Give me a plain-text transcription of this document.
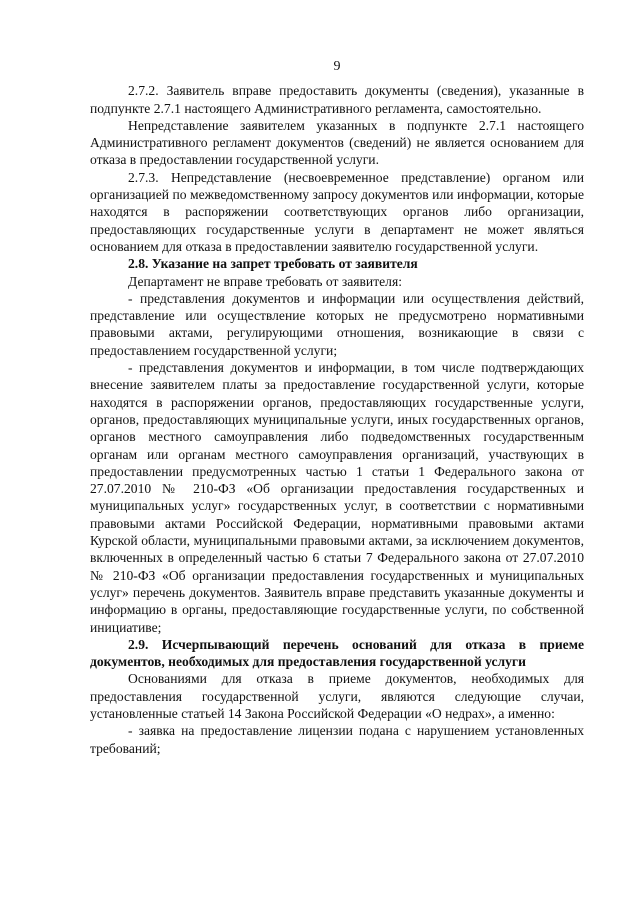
9

2.7.2. Заявитель вправе предоставить документы (сведения), указанные в подпункте 2.7.1 настоящего Административного регламента, самостоятельно.

Непредставление заявителем указанных в подпункте 2.7.1 настоящего Административного регламент документов (сведений) не является основанием для отказа в предоставлении государственной услуги.

2.7.3. Непредставление (несвоевременное представление) органом или организацией по межведомственному запросу документов или информации, которые находятся в распоряжении соответствующих органов либо организации, предоставляющих государственные услуги в департамент не может являться основанием для отказа в предоставлении заявителю государственной услуги.

2.8. Указание на запрет требовать от заявителя

Департамент не вправе требовать от заявителя:

- представления документов и информации или осуществления действий, представление или осуществление которых не предусмотрено нормативными правовыми актами, регулирующими отношения, возникающие в связи с предоставлением государственной услуги;

- представления документов и информации, в том числе подтверждающих внесение заявителем платы за предоставление государственной услуги, которые находятся в распоряжении органов, предоставляющих государственные услуги, органов, предоставляющих муниципальные услуги, иных государственных органов, органов местного самоуправления либо подведомственных государственным органам или органам местного самоуправления организаций, участвующих в предоставлении предусмотренных частью 1 статьи 1 Федерального закона от 27.07.2010 № 210-ФЗ «Об организации предоставления государственных и муниципальных услуг» государственных услуг, в соответствии с нормативными правовыми актами Российской Федерации, нормативными правовыми актами Курской области, муниципальными правовыми актами, за исключением документов, включенных в определенный частью 6 статьи 7 Федерального закона от 27.07.2010 № 210-ФЗ «Об организации предоставления государственных и муниципальных услуг» перечень документов. Заявитель вправе представить указанные документы и информацию в органы, предоставляющие государственные услуги, по собственной инициативе;

2.9. Исчерпывающий перечень оснований для отказа в приеме документов, необходимых для предоставления государственной услуги

Основаниями для отказа в приеме документов, необходимых для предоставления государственной услуги, являются следующие случаи, установленные статьей 14 Закона Российской Федерации «О недрах», а именно:

- заявка на предоставление лицензии подана с нарушением установленных требований;
